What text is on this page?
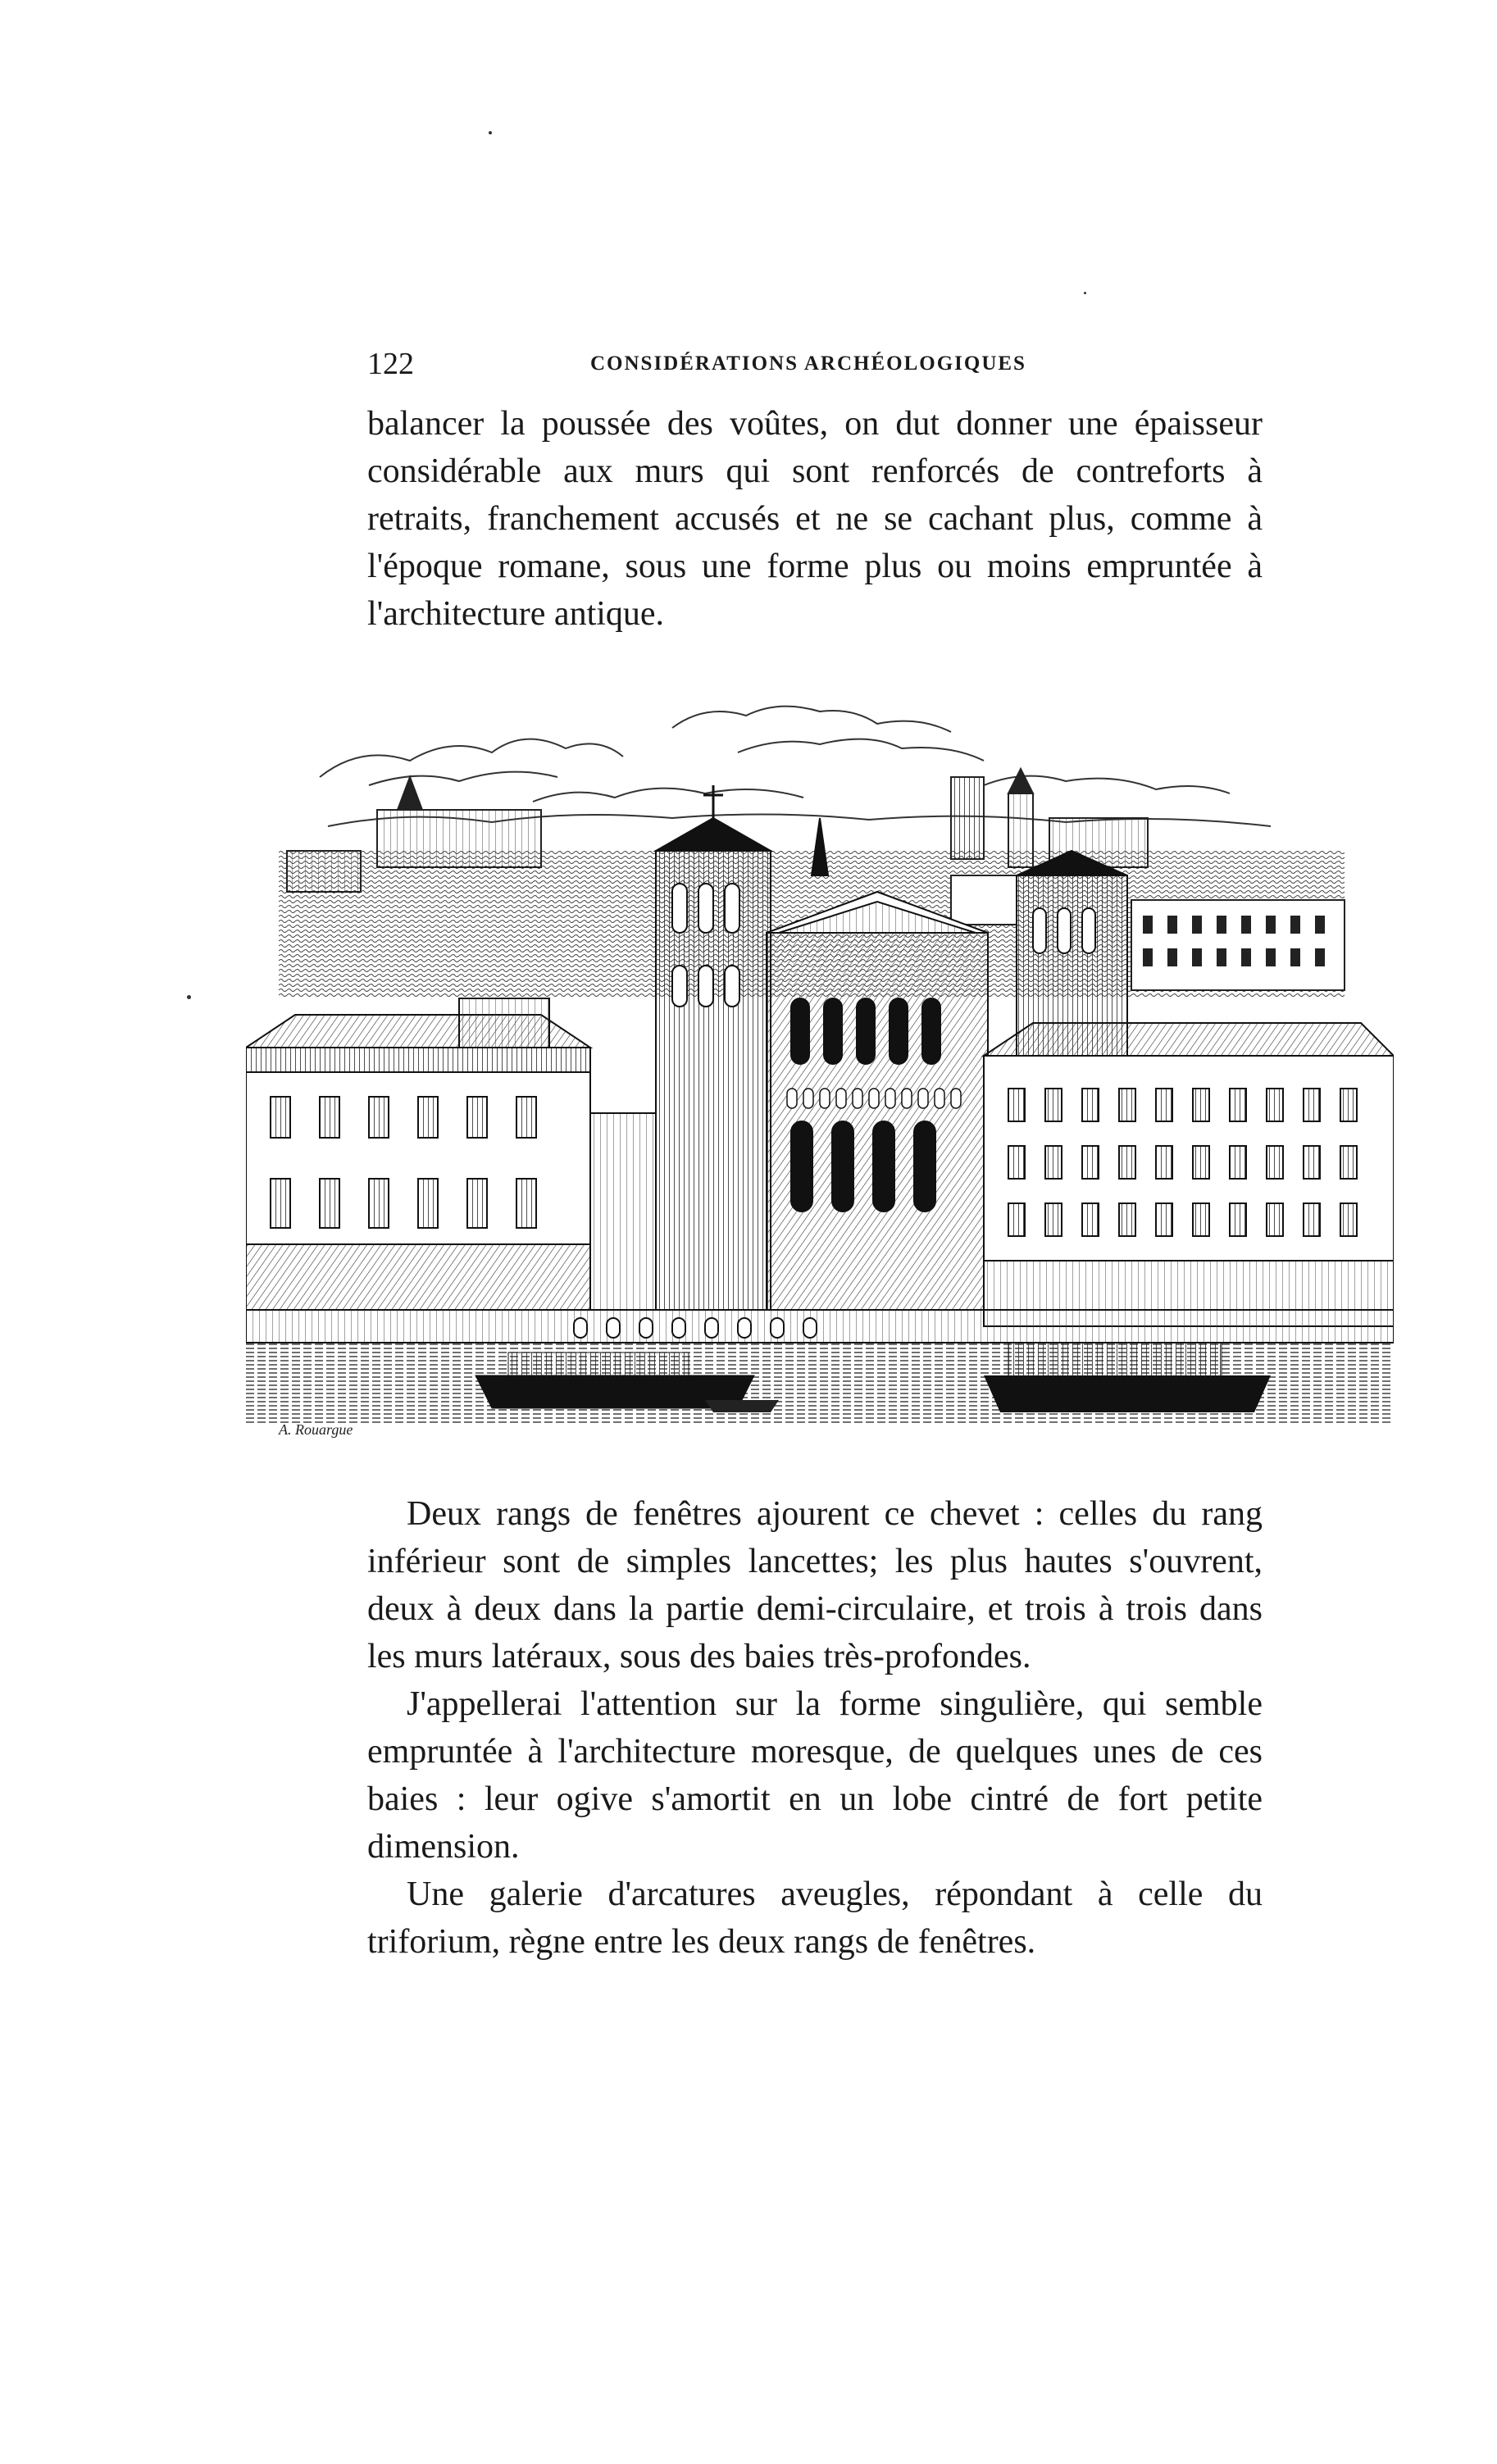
122	CONSIDÉRATIONS ARCHÉOLOGIQUES

balancer la poussée des voûtes, on dut donner une épaisseur considérable aux murs qui sont renforcés de contreforts à retraits, franchement accusés et ne se cachant plus, comme à l'époque romane, sous une forme plus ou moins empruntée à l'architecture antique.

A. Rouargue

Deux rangs de fenêtres ajourent ce chevet : celles du rang inférieur sont de simples lancettes; les plus hautes s'ouvrent, deux à deux dans la partie demi-circulaire, et trois à trois dans les murs latéraux, sous des baies très-profondes.

J'appellerai l'attention sur la forme singulière, qui semble empruntée à l'architecture moresque, de quelques unes de ces baies : leur ogive s'amortit en un lobe cintré de fort petite dimension.

Une galerie d'arcatures aveugles, répondant à celle du triforium, règne entre les deux rangs de fenêtres.
